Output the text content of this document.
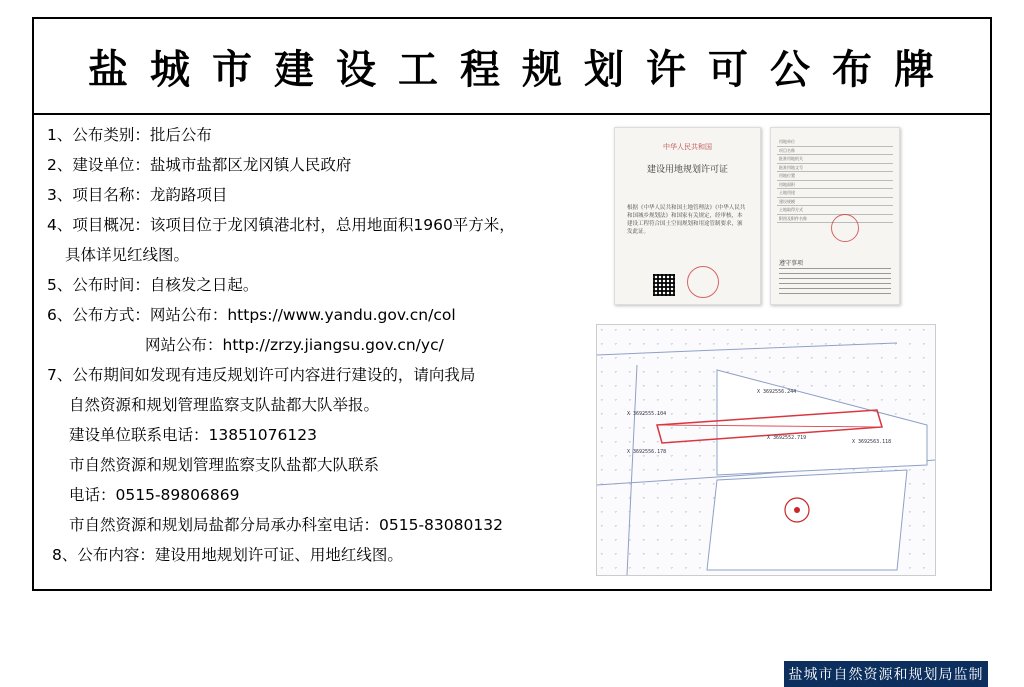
盐城市建设工程规划许可公布牌
1、公布类别：批后公布
2、建设单位：盐城市盐都区龙冈镇人民政府
3、项目名称：龙韵路项目
4、项目概况：该项目位于龙冈镇港北村，总用地面积1960平方米，
具体详见红线图。
5、公布时间：自核发之日起。
6、公布方式：网站公布：https://www.yandu.gov.cn/col
网站公布：http://zrzy.jiangsu.gov.cn/yc/
7、公布期间如发现有违反规划许可内容进行建设的，请向我局
自然资源和规划管理监察支队盐都大队举报。
建设单位联系电话：13851076123
市自然资源和规划管理监察支队盐都大队联系
电话：0515-89806869
市自然资源和规划局盐都分局承办科室电话：0515-83080132
8、公布内容：建设用地规划许可证、用地红线图。
中华人民共和国
建设用地规划许可证
根据《中华人民共和国土地管理法》《中华人民共和国城乡规划法》和国家有关规定，经审核，本建设工程符合国土空间规划和用途管制要求，颁发此证。
用地单位
项目名称
批准用地机关
批准用地文号
用地位置
用地面积
土地用途
建设规模
土地取得方式
附图及附件名称
遵守事项
X 3692556.244
X 3692555.104
X 3692552.719
X 3692556.178
X 3692563.118
盐城市自然资源和规划局监制
